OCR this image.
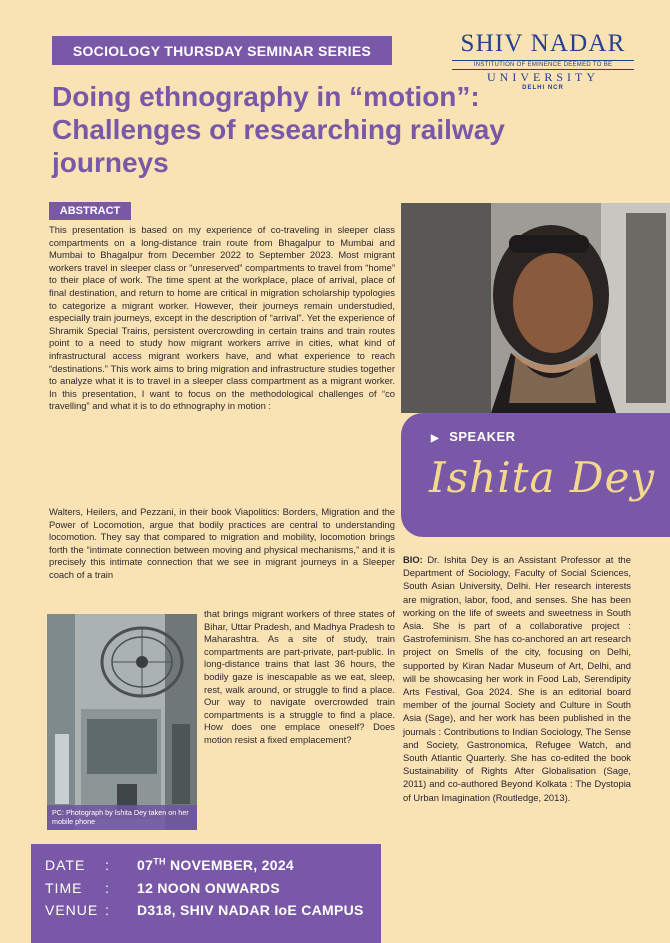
SOCIOLOGY THURSDAY SEMINAR SERIES	SHIV NADAR
INSTITUTION OF EMINENCE DEEMED TO BE
UNIVERSITY
DELHI NCR
Doing ethnography in “motion”: Challenges of researching railway journeys
ABSTRACT

This presentation is based on my experience of co-traveling in sleeper class compartments on a long-distance train route from Bhagalpur to Mumbai and Mumbai to Bhagalpur from December 2022 to September 2023. Most migrant workers travel in sleeper class or “unreserved” compartments to travel from “home” to their place of work. The time spent at the workplace, place of arrival, place of final destination, and return to home are critical in migration scholarship typologies to categorize a migrant worker. However, their journeys remain understudied, especially train journeys, except in the description of “arrival”. Yet the experience of Shramik Special Trains, persistent overcrowding in certain trains and train routes point to a need to study how migrant workers arrive in cities, what kind of infrastructural access migrant workers have, and what experience to reach “destinations.” This work aims to bring migration and infrastructure studies together to analyze what it is to travel in a sleeper class compartment as a migrant worker. In this presentation, I want to focus on the methodological challenges of “co travelling” and what it is to do ethnography in motion :

Walters, Heilers, and Pezzani, in their book Viapolitics: Borders, Migration and the Power of Locomotion, argue that bodily practices are central to understanding locomotion. They say that compared to migration and mobility, locomotion brings forth the “intimate connection between moving and physical mechanisms,” and it is precisely this intimate connection that we see in migrant journeys in a Sleeper coach of a train

that brings migrant workers of three states of Bihar, Uttar Pradesh, and Madhya Pradesh to Maharashtra. As a site of study, train compartments are part-private, part-public. In long-distance trains that last 36 hours, the bodily gaze is inescapable as we eat, sleep, rest, walk around, or struggle to find a place. Our way to navigate overcrowded train compartments is a struggle to find a place. How does one emplace oneself? Does motion resist a fixed emplacement?

PC: Photograph by Ishita Dey taken on her mobile phone
▶ SPEAKER
Ishita Dey

BIO: Dr. Ishita Dey is an Assistant Professor at the Department of Sociology, Faculty of Social Sciences, South Asian University, Delhi. Her research interests are migration, labor, food, and senses. She has been working on the life of sweets and sweetness in South Asia. She is part of a collaborative project : Gastrofeminism. She has co-anchored an art research project on Smells of the city, focusing on Delhi, supported by Kiran Nadar Museum of Art, Delhi, and will be showcasing her work in Food Lab, Serendipity Arts Festival, Goa 2024. She is an editorial board member of the journal Society and Culture in South Asia (Sage), and her work has been published in the journals : Contributions to Indian Sociology, The Sense and Society, Gastronomica, Refugee Watch, and South Atlantic Quarterly. She has co-edited the book Sustainability of Rights After Globalisation (Sage, 2011) and co-authored Beyond Kolkata : The Dystopia of Urban Imagination (Routledge, 2013).

DATE : 07TH NOVEMBER, 2024
TIME : 12 NOON ONWARDS
VENUE : D318, SHIV NADAR IoE CAMPUS
